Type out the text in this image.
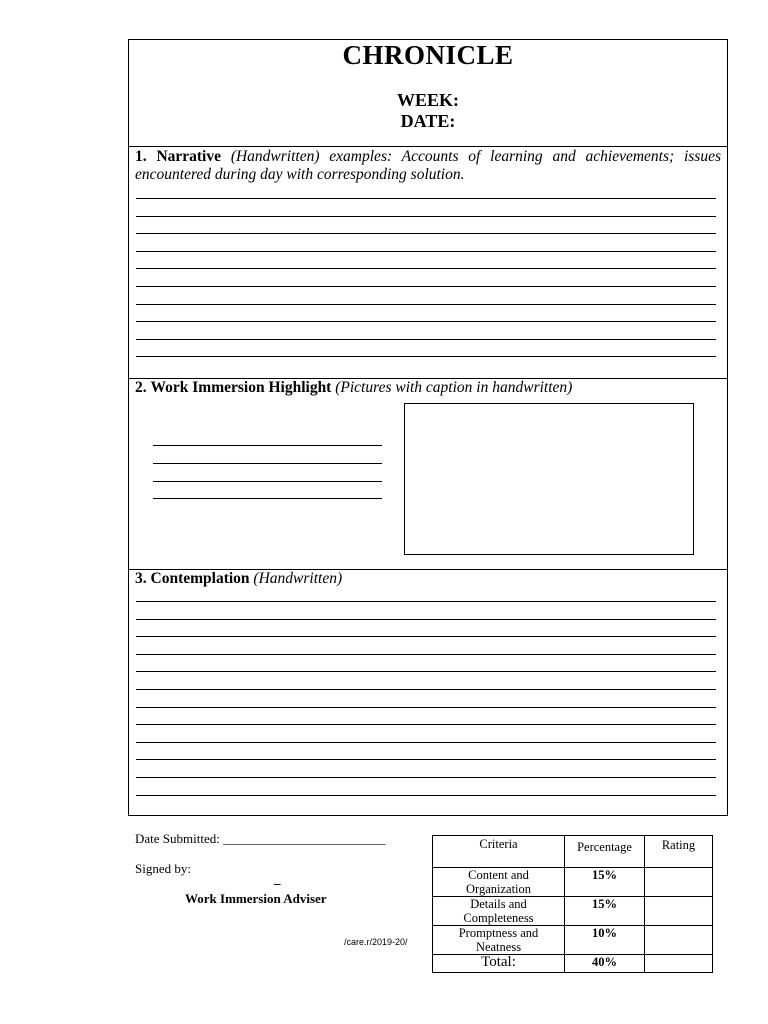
CHRONICLE
WEEK:
DATE:
1. Narrative (Handwritten) examples: Accounts of learning and achievements; issues encountered during day with corresponding solution.
2. Work Immersion Highlight (Pictures with caption in handwritten)
3. Contemplation (Handwritten)
Date Submitted: _________________________
Signed by:
_
Work Immersion Adviser
/care.r/2019-20/
Criteria	Percentage	Rating
Content and Organization	15%	
Details and Completeness	15%	
Promptness and Neatness	10%	
Total:	40%	
